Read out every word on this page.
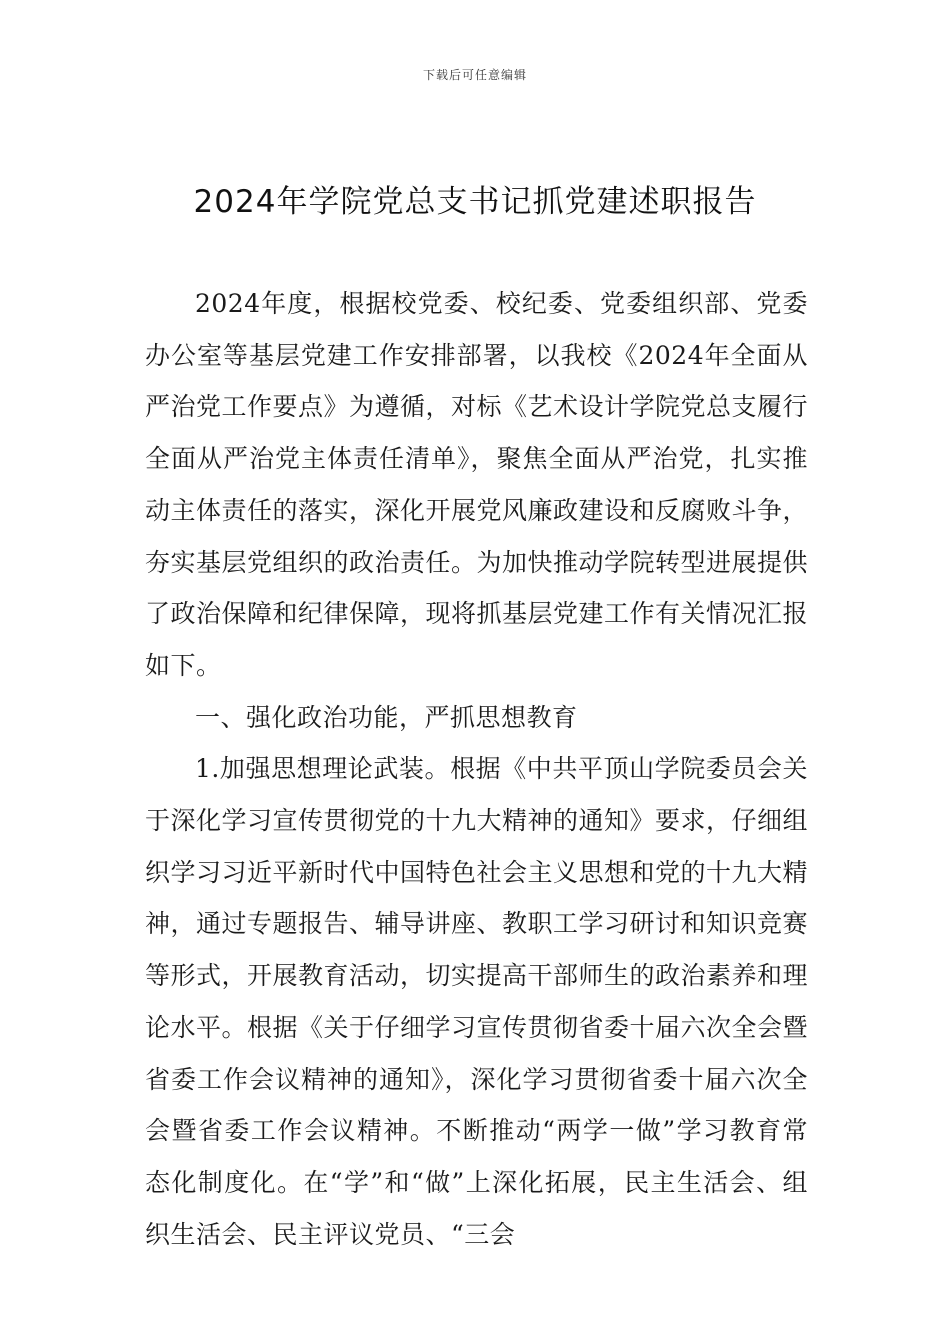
下载后可任意编辑
2024年学院党总支书记抓党建述职报告

2024年度，根据校党委、校纪委、党委组织部、党委办公室等基层党建工作安排部署，以我校《2024年全面从严治党工作要点》为遵循，对标《艺术设计学院党总支履行全面从严治党主体责任清单》，聚焦全面从严治党，扎实推动主体责任的落实，深化开展党风廉政建设和反腐败斗争，夯实基层党组织的政治责任。为加快推动学院转型进展提供了政治保障和纪律保障，现将抓基层党建工作有关情况汇报如下。

一、强化政治功能，严抓思想教育

1.加强思想理论武装。根据《中共平顶山学院委员会关于深化学习宣传贯彻党的十九大精神的通知》要求，仔细组织学习习近平新时代中国特色社会主义思想和党的十九大精神，通过专题报告、辅导讲座、教职工学习研讨和知识竞赛等形式，开展教育活动，切实提高干部师生的政治素养和理论水平。根据《关于仔细学习宣传贯彻省委十届六次全会暨省委工作会议精神的通知》，深化学习贯彻省委十届六次全会暨省委工作会议精神。不断推动“两学一做”学习教育常态化制度化。在“学”和“做”上深化拓展，民主生活会、组织生活会、民主评议党员、“三会
